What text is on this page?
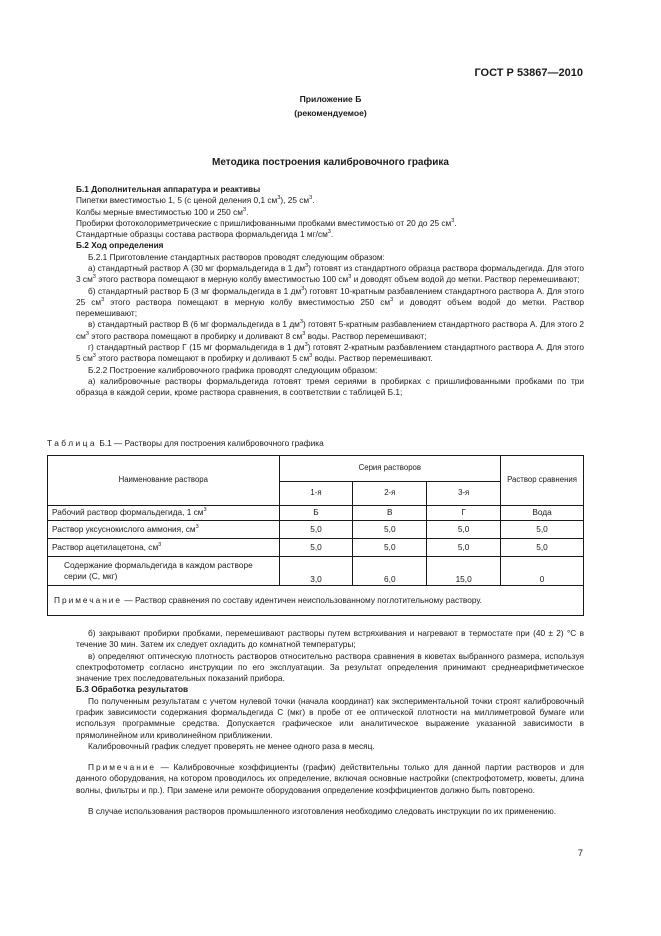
ГОСТ Р 53867—2010
Приложение Б
(рекомендуемое)
Методика построения калибровочного графика

Б.1 Дополнительная аппаратура и реактивы

Пипетки вместимостью 1, 5 (с ценой деления 0,1 $см^3$), 25 $см^3$.

Колбы мерные вместимостью 100 и 250 $см^3$.

Пробирки фотоколориметрические с пришлифованными пробками вместимостью от 20 до 25 $см^3$.

Стандартные образцы состава раствора формальдегида 1 $мг/см^3$.

Б.2 Ход определения

Б.2.1 Приготовление стандартных растворов проводят следующим образом:

а) стандартный раствор А (30 мг формальдегида в 1 $дм^3$) готовят из стандартного образца раствора формальдегида. Для этого 3 $см^3$ этого раствора помещают в мерную колбу вместимостью 100 $см^3$ и доводят объем водой до метки. Раствор перемешивают;

б) стандартный раствор Б (3 мг формальдегида в 1 $дм^3$) готовят 10-кратным разбавлением стандартного раствора А. Для этого 25 $см^3$ этого раствора помещают в мерную колбу вместимостью 250 $см^3$ и доводят объем водой до метки. Раствор перемешивают;

в) стандартный раствор В (6 мг формальдегида в 1 $дм^3$) готовят 5-кратным разбавлением стандартного раствора А. Для этого 2 $см^3$ этого раствора помещают в пробирку и доливают 8 $см^3$ воды. Раствор перемешивают;

г) стандартный раствор Г (15 мг формальдегида в 1 $дм^3$) готовят 2-кратным разбавлением стандартного раствора А. Для этого 5 $см^3$ этого раствора помещают в пробирку и доливают 5 $см^3$ воды. Раствор перемешивают.

Б.2.2 Построение калибровочного графика проводят следующим образом:

а) калибровочные растворы формальдегида готовят тремя сериями в пробирках с пришлифованными пробками по три образца в каждой серии, кроме раствора сравнения, в соответствии с таблицей Б.1;

Таблица Б.1 — Растворы для построения калибровочного графика
Наименование раствора	Серия растворов			Раствор сравнения
	1-я	2-я	3-я	
Рабочий раствор формальдегида, 1 $см^3$	Б	В	Г	Вода
Раствор уксуснокислого аммония, $см^3$	5,0	5,0	5,0	5,0
Раствор ацетилацетона, $см^3$	5,0	5,0	5,0	5,0
Содержание формальдегида в каждом растворе серии (С, мкг)	3,0	6,0	15,0	0
Примечание — Раствор сравнения по составу идентичен неиспользованному поглотительному раствору.				

б) закрывают пробирки пробками, перемешивают растворы путем встряхивания и нагревают в термостате при (40 ± 2) °С в течение 30 мин. Затем их следует охладить до комнатной температуры;

в) определяют оптическую плотность растворов относительно раствора сравнения в кюветах выбранного размера, используя спектрофотометр согласно инструкции по его эксплуатации. За результат определения принимают среднеарифметическое значение трех последовательных показаний прибора.

Б.3 Обработка результатов

По полученным результатам с учетом нулевой точки (начала координат) как экспериментальной точки строят калибровочный график зависимости содержания формальдегида С (мкг) в пробе от ее оптической плотности на миллиметровой бумаге или используя программные средства. Допускается графическое или аналитическое выражение указанной зависимости в прямолинейном или криволинейном приближении.

Калибровочный график следует проверять не менее одного раза в месяц.

Примечание — Калибровочные коэффициенты (график) действительны только для данной партии растворов и для данного оборудования, на котором проводилось их определение, включая основные настройки (спектрофотометр, кюветы, длина волны, фильтры и пр.). При замене или ремонте оборудования определение коэффициентов должно быть повторено.

В случае использования растворов промышленного изготовления необходимо следовать инструкции по их применению.

7
